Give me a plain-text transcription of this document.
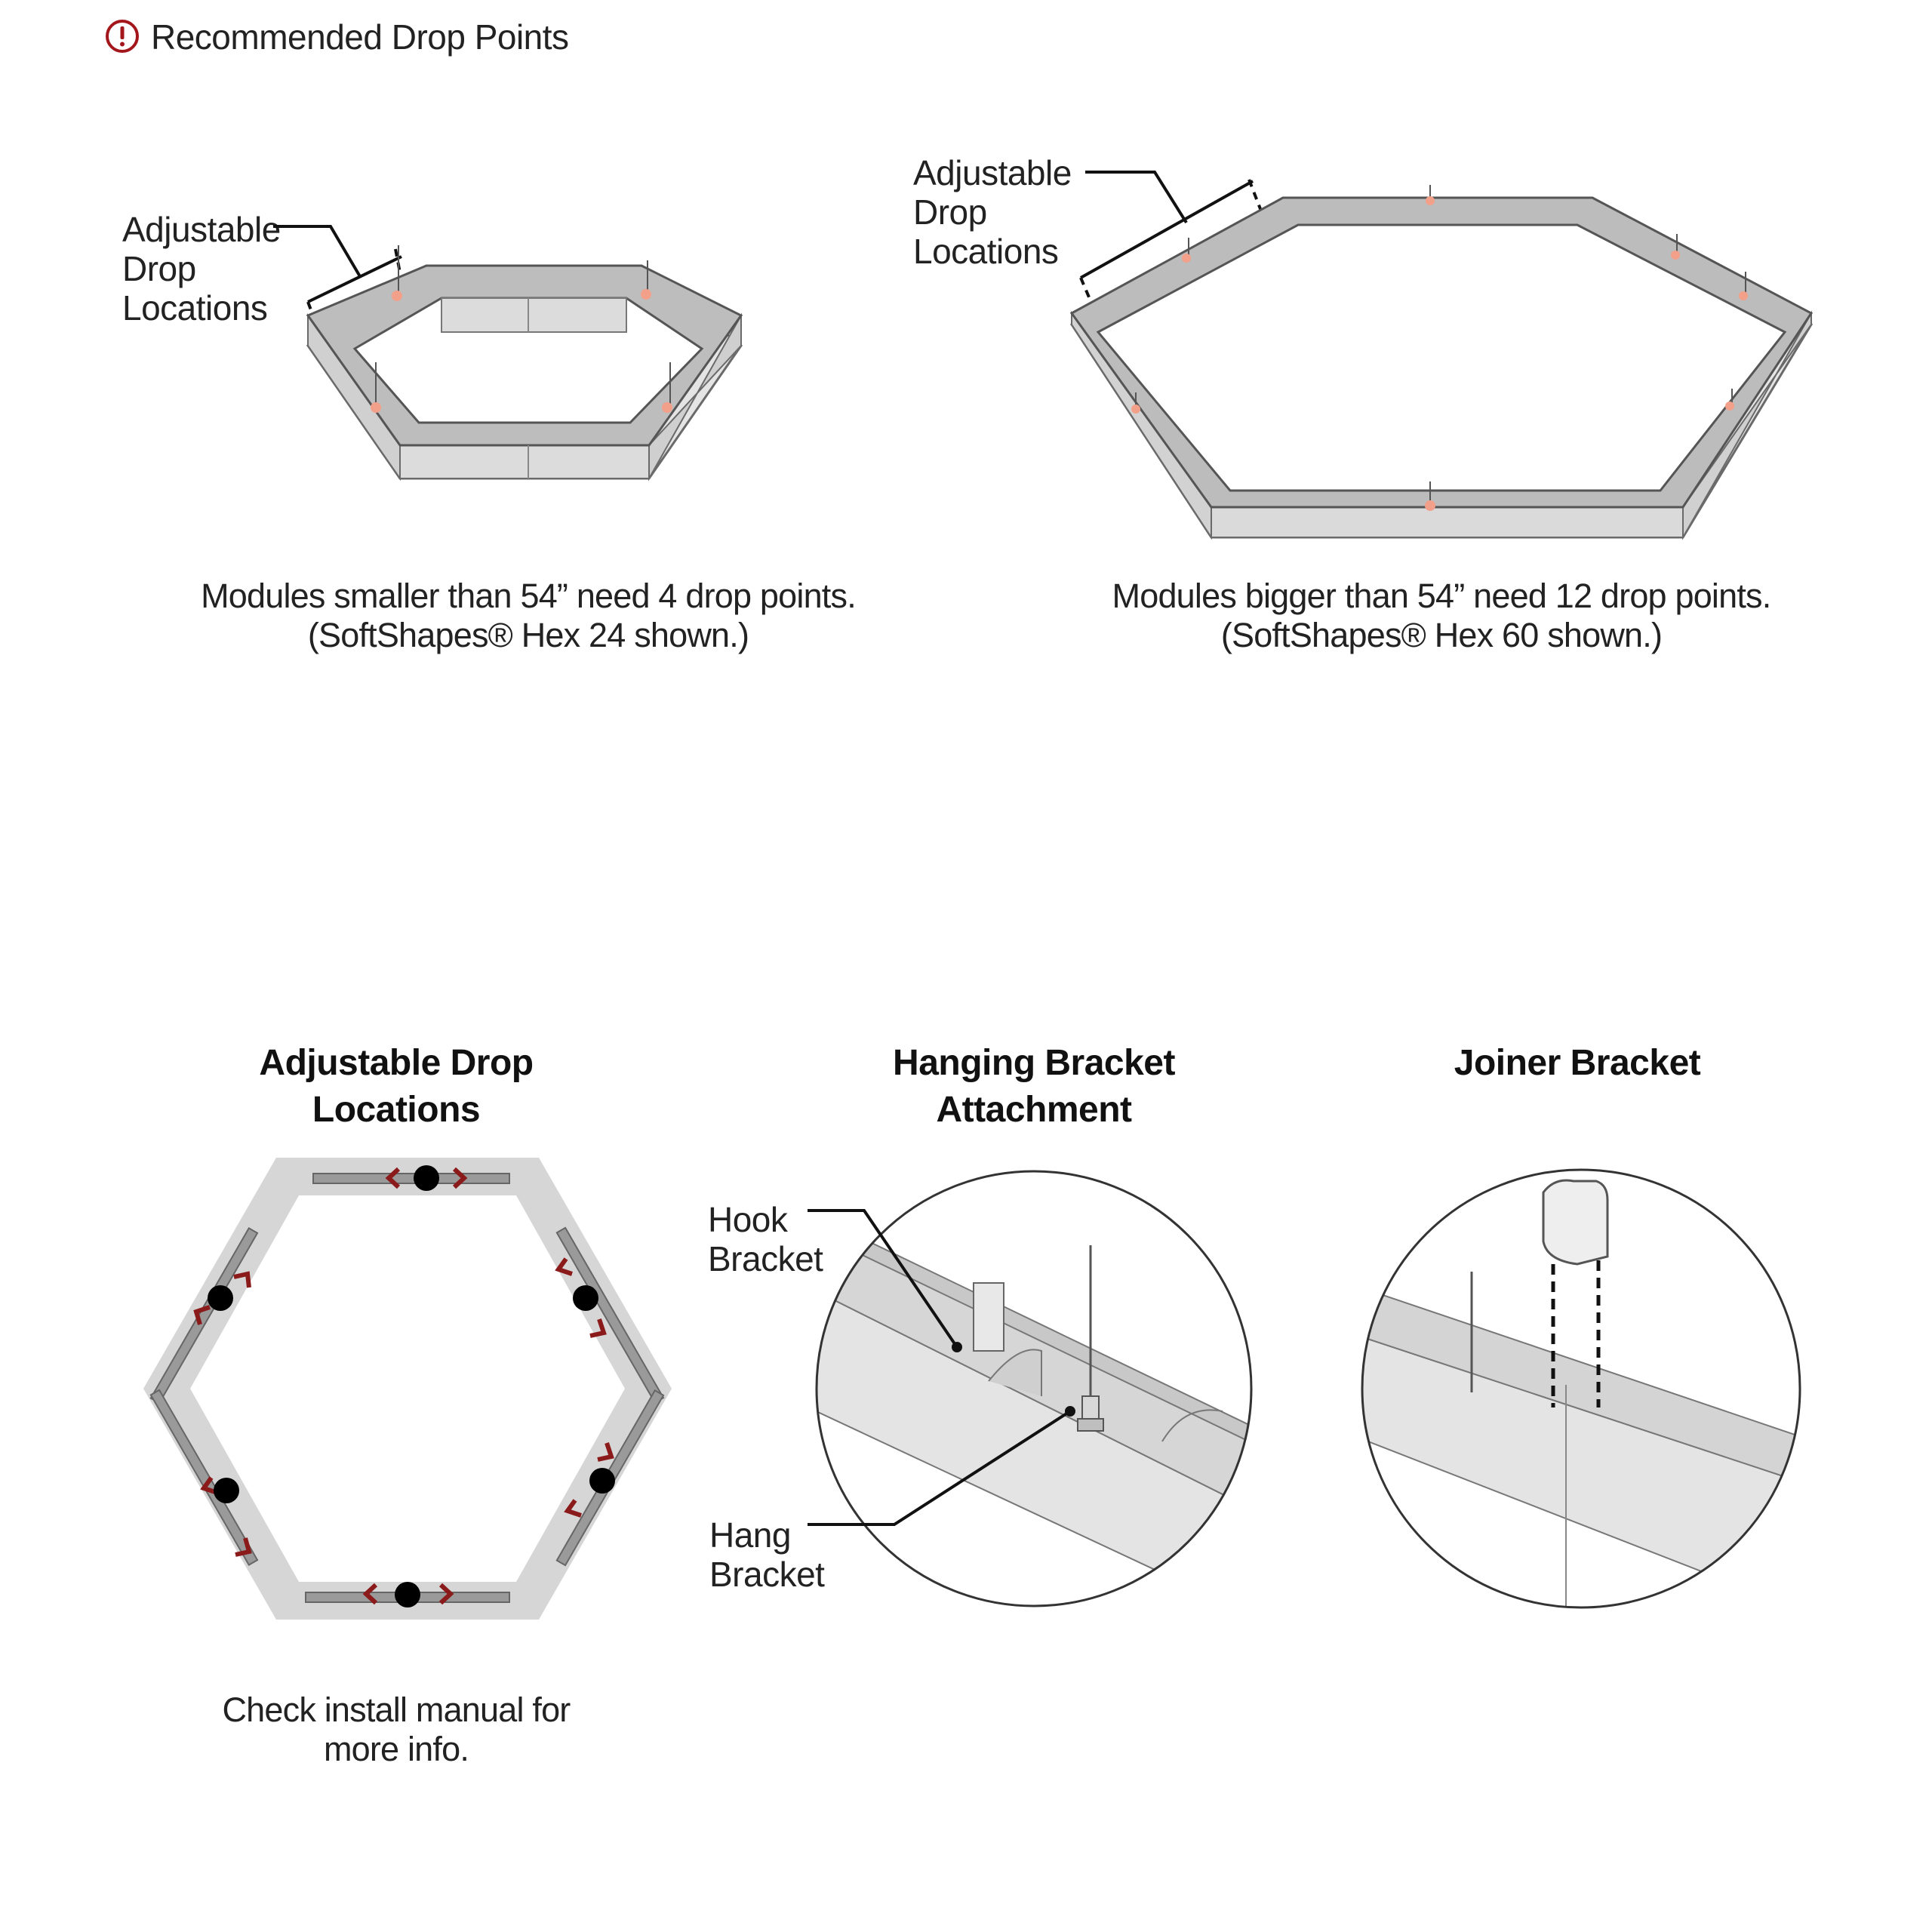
Recommended Drop Points
Adjustable
Drop
Locations
Modules smaller than 54” need 4 drop points.
(SoftShapes® Hex 24 shown.)
Adjustable
Drop
Locations
Modules bigger than 54” need 12 drop points.
(SoftShapes® Hex 60 shown.)
Adjustable Drop
Locations
Check install manual for
more info.
Hanging Bracket
Attachment
Hook
Bracket
Hang
Bracket
Joiner Bracket
